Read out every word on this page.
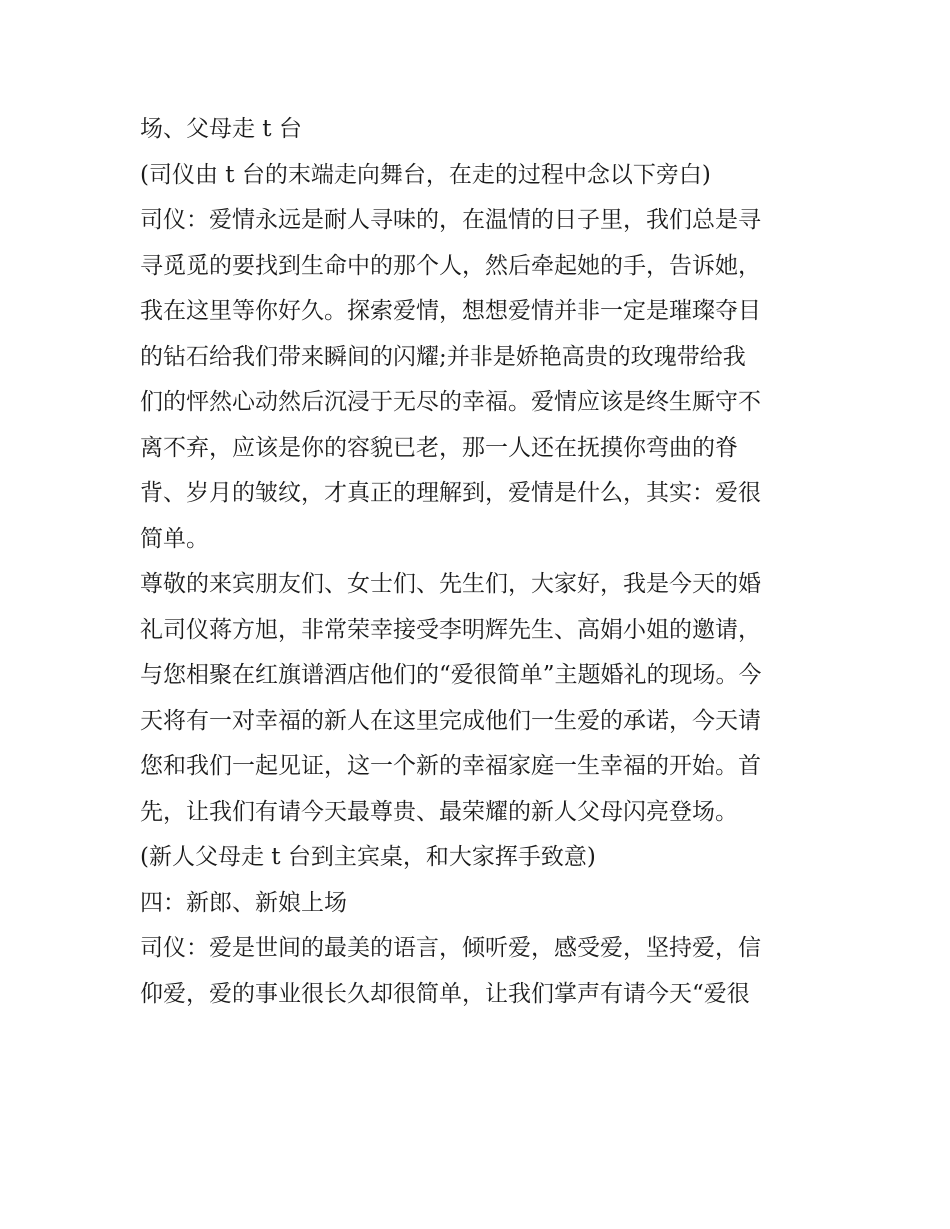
场、父母走 t 台
(司仪由 t 台的末端走向舞台，在走的过程中念以下旁白)
司仪：爱情永远是耐人寻味的，在温情的日子里，我们总是寻
寻觅觅的要找到生命中的那个人，然后牵起她的手，告诉她，
我在这里等你好久。探索爱情，想想爱情并非一定是璀璨夺目
的钻石给我们带来瞬间的闪耀;并非是娇艳高贵的玫瑰带给我
们的怦然心动然后沉浸于无尽的幸福。爱情应该是终生厮守不
离不弃，应该是你的容貌已老，那一人还在抚摸你弯曲的脊
背、岁月的皱纹，才真正的理解到，爱情是什么，其实：爱很
简单。
尊敬的来宾朋友们、女士们、先生们，大家好，我是今天的婚
礼司仪蒋方旭，非常荣幸接受李明辉先生、高娟小姐的邀请，
与您相聚在红旗谱酒店他们的“爱很简单”主题婚礼的现场。今
天将有一对幸福的新人在这里完成他们一生爱的承诺，今天请
您和我们一起见证，这一个新的幸福家庭一生幸福的开始。首
先，让我们有请今天最尊贵、最荣耀的新人父母闪亮登场。
(新人父母走 t 台到主宾桌，和大家挥手致意)
四：新郎、新娘上场
司仪：爱是世间的最美的语言，倾听爱，感受爱，坚持爱，信
仰爱，爱的事业很长久却很简单，让我们掌声有请今天“爱很
